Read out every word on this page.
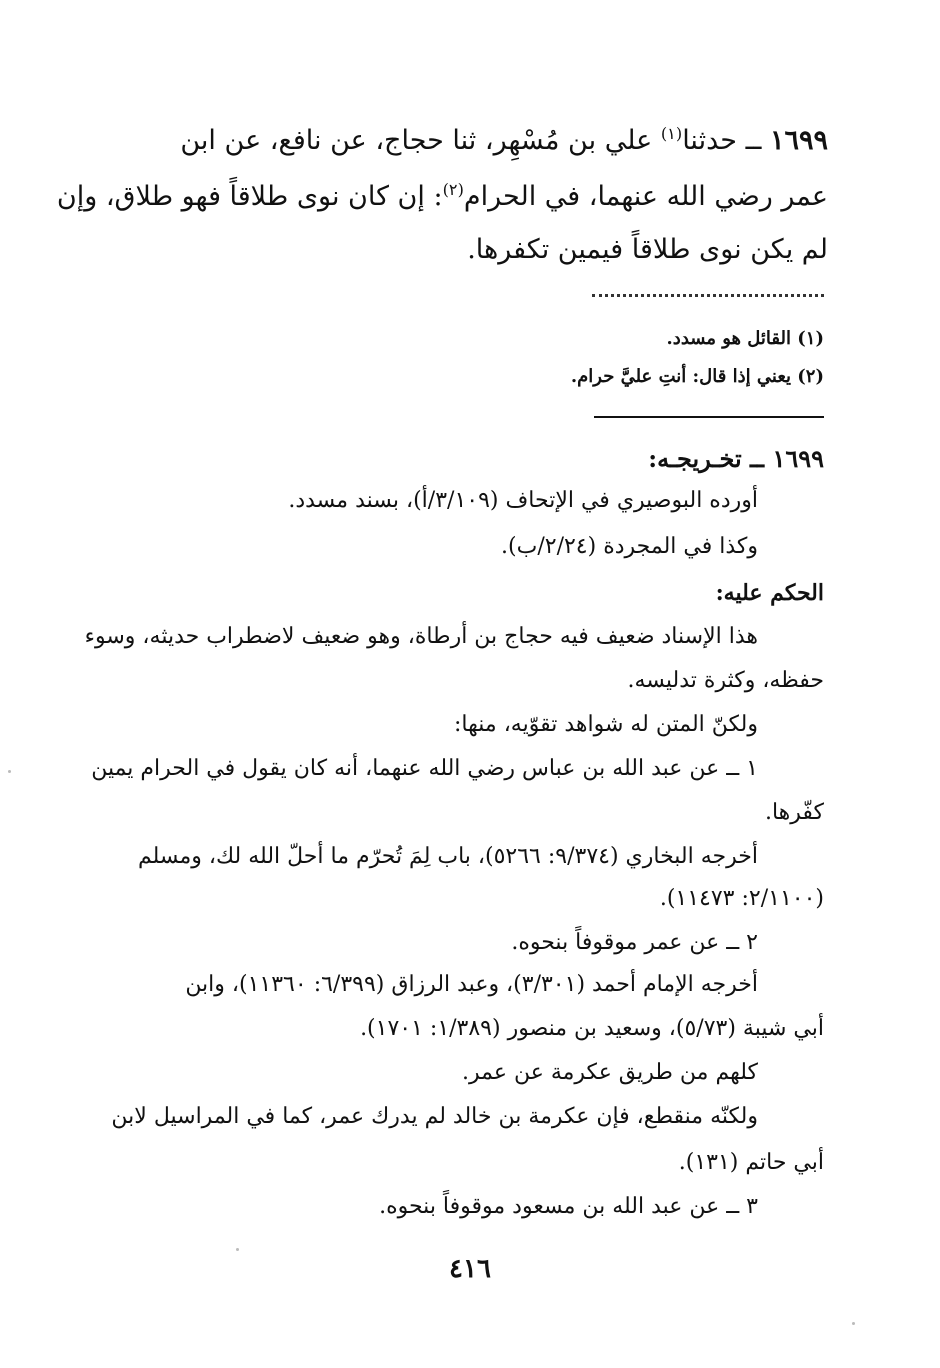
١٦٩٩ ــ حدثنا$^{(١)}$ علي بن مُسْهِر، ثنا حجاج، عن نافع، عن ابن
عمر رضي الله عنهما، في الحرام$^{(٢)}$: إن كان نوى طلاقاً فهو طلاق، وإن
لم يكن نوى طلاقاً فيمين تكفرها.
(١) القائل هو مسدد.
(٢) يعني إذا قال: أنتِ عليَّ حرام.
١٦٩٩ ــ تخـريجـه:
أورده البوصيري في الإتحاف (٣/١٠٩/أ)، بسند مسدد.
وكذا في المجردة (٢/٢٤/ب).
الحكم عليه:
هذا الإسناد ضعيف فيه حجاج بن أرطاة، وهو ضعيف لاضطراب حديثه، وسوء
حفظه، وكثرة تدليسه.
ولكنّ المتن له شواهد تقوّيه، منها:
١ ــ عن عبد الله بن عباس رضي الله عنهما، أنه كان يقول في الحرام يمين
كفّرها.
أخرجه البخاري (٩/٣٧٤: ٥٢٦٦)، باب لِمَ تُحرّم ما أحلّ الله لك، ومسلم
(٢/١١٠٠: ١١٤٧٣).
٢ ــ عن عمر موقوفاً بنحوه.
أخرجه الإمام أحمد (٣/٣٠١)، وعبد الرزاق (٦/٣٩٩: ١١٣٦٠)، وابن
أبي شيبة (٥/٧٣)، وسعيد بن منصور (١/٣٨٩: ١٧٠١).
كلهم من طريق عكرمة عن عمر.
ولكنّه منقطع، فإن عكرمة بن خالد لم يدرك عمر، كما في المراسيل لابن
أبي حاتم (١٣١).
٣ ــ عن عبد الله بن مسعود موقوفاً بنحوه.
٤١٦
